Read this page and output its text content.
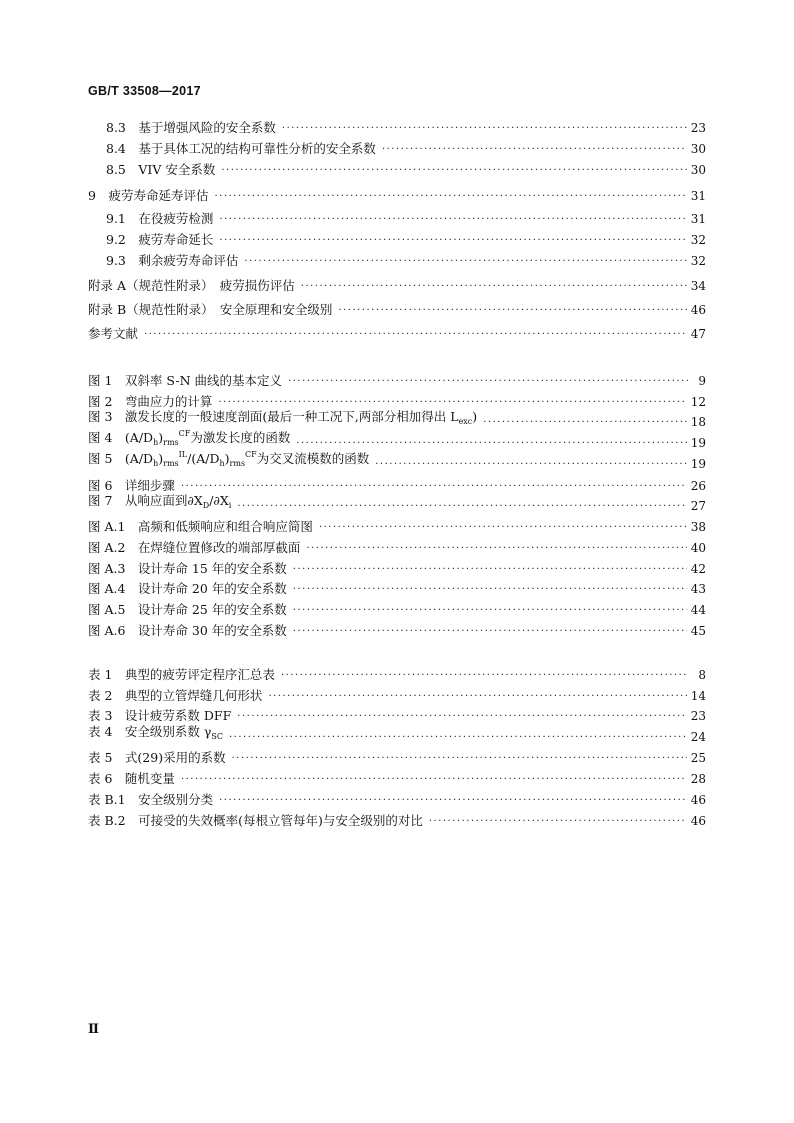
GB/T 33508—2017
8.3　基于增强风险的安全系数 ·····	23
8.4　基于具体工况的结构可靠性分析的安全系数 ·····	30
8.5　VIV 安全系数 ·····	30
9　疲劳寿命延寿评估 ·····	31
9.1　在役疲劳检测 ·····	31
9.2　疲劳寿命延长 ·····	32
9.3　剩余疲劳寿命评估 ·····	32
附录 A（规范性附录）　疲劳损伤评估 ·····	34
附录 B（规范性附录）　安全原理和安全级别 ·····	46
参考文献 ·····	47
图 1　双斜率 S-N 曲线的基本定义 ·····	9
图 2　弯曲应力的计算 ·····	12
图 3　激发长度的一般速度剖面(最后一种工况下,两部分相加得出 $L_{exc}$) ·····	18
图 4　$(A/D_h)_{rms}^{CF}$为激发长度的函数 ·····	19
图 5　$(A/D_h)_{rms}^{IL}/(A/D_h)_{rms}^{CF}$为交叉流模数的函数 ·····	19
图 6　详细步骤 ·····	26
图 7　从响应面到$\partial X_D/\partial X_i$ ·····	27
图 A.1　高频和低频响应和组合响应简图 ·····	38
图 A.2　在焊缝位置修改的端部厚截面 ·····	40
图 A.3　设计寿命 15 年的安全系数 ·····	42
图 A.4　设计寿命 20 年的安全系数 ·····	43
图 A.5　设计寿命 25 年的安全系数 ·····	44
图 A.6　设计寿命 30 年的安全系数 ·····	45
表 1　典型的疲劳评定程序汇总表 ·····	8
表 2　典型的立管焊缝几何形状 ·····	14
表 3　设计疲劳系数 DFF ·····	23
表 4　安全级别系数 $\gamma_{SC}$ ·····	24
表 5　式(29)采用的系数 ·····	25
表 6　随机变量 ·····	28
表 B.1　安全级别分类 ·····	46
表 B.2　可接受的失效概率(每根立管每年)与安全级别的对比 ·····	46
Ⅱ
